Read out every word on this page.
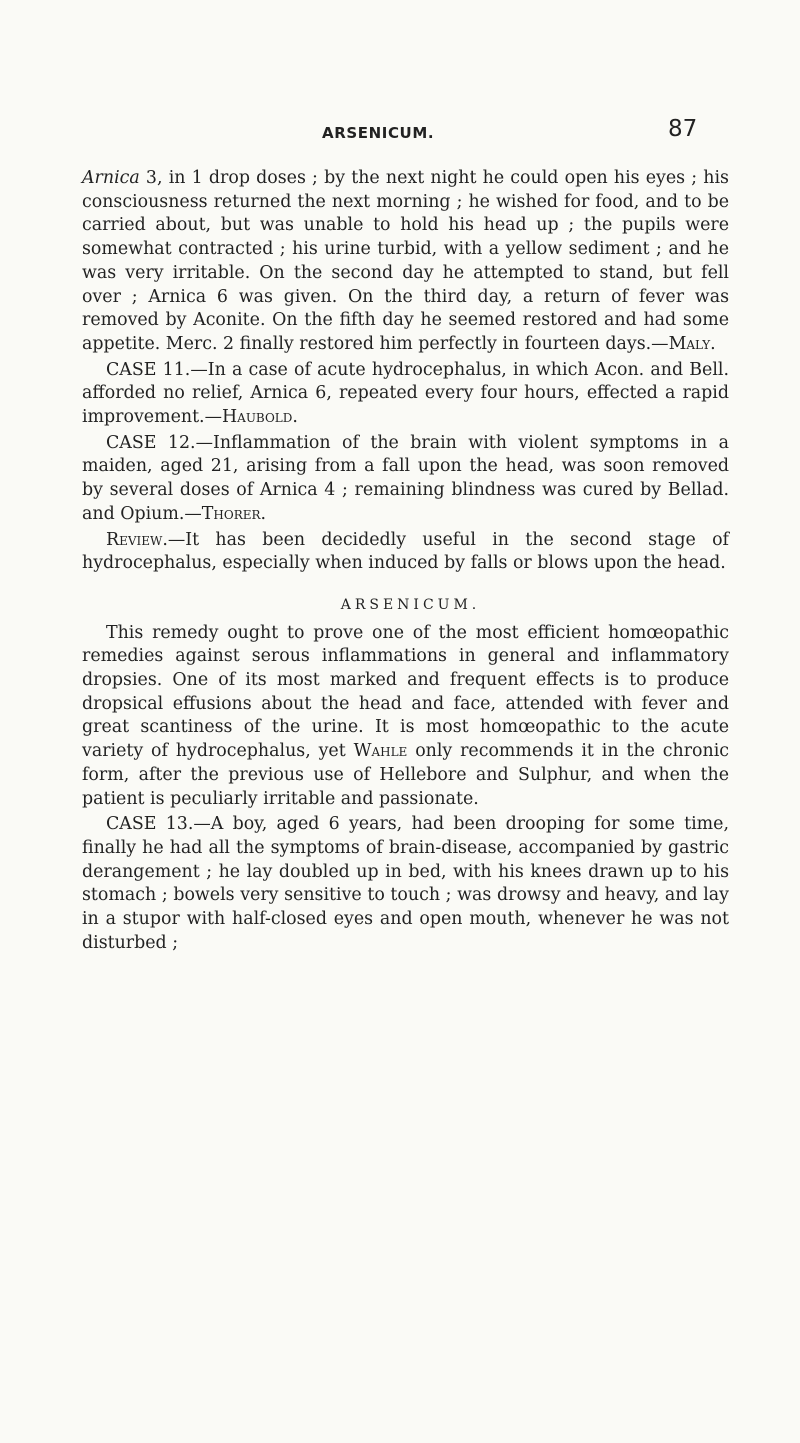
ARSENICUM.	87

Arnica 3, in 1 drop doses ; by the next night he could open his eyes ; his consciousness returned the next morning ; he wished for food, and to be carried about, but was unable to hold his head up ; the pupils were somewhat contracted ; his urine turbid, with a yellow sediment ; and he was very irritable. On the second day he attempted to stand, but fell over ; Arnica 6 was given. On the third day, a return of fever was removed by Aconite. On the fifth day he seemed restored and had some appetite. Merc. 2 finally restored him perfectly in fourteen days.—Maly.

CASE 11.—In a case of acute hydrocephalus, in which Acon. and Bell. afforded no relief, Arnica 6, repeated every four hours, effected a rapid improvement.—Haubold.

CASE 12.—Inflammation of the brain with violent symptoms in a maiden, aged 21, arising from a fall upon the head, was soon removed by several doses of Arnica 4 ; remaining blindness was cured by Bellad. and Opium.—Thorer.

Review.—It has been decidedly useful in the second stage of hydrocephalus, especially when induced by falls or blows upon the head.

ARSENICUM.

This remedy ought to prove one of the most efficient homœopathic remedies against serous inflammations in general and inflammatory dropsies. One of its most marked and frequent effects is to produce dropsical effusions about the head and face, attended with fever and great scantiness of the urine. It is most homœopathic to the acute variety of hydrocephalus, yet Wahle only recommends it in the chronic form, after the previous use of Hellebore and Sulphur, and when the patient is peculiarly irritable and passionate.

CASE 13.—A boy, aged 6 years, had been drooping for some time, finally he had all the symptoms of brain-disease, accompanied by gastric derangement ; he lay doubled up in bed, with his knees drawn up to his stomach ; bowels very sensitive to touch ; was drowsy and heavy, and lay in a stupor with half-closed eyes and open mouth, whenever he was not disturbed ;
